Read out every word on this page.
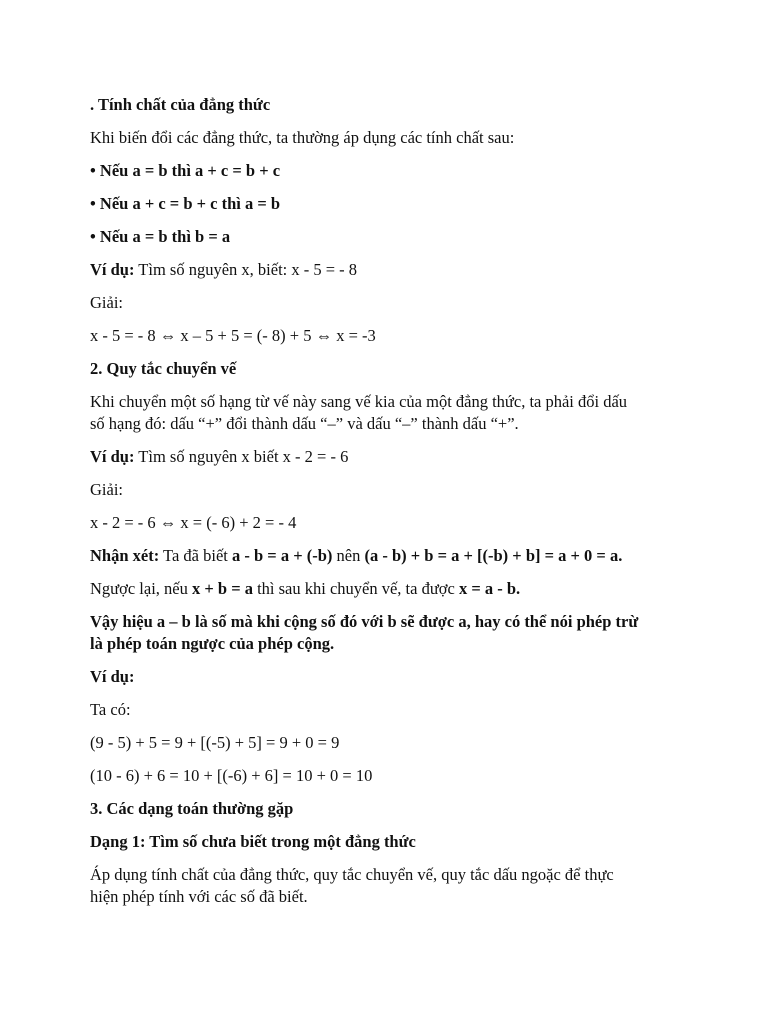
. Tính chất của đẳng thức
Khi biến đổi các đẳng thức, ta thường áp dụng các tính chất sau:
• Nếu a = b thì a + c = b + c
• Nếu a + c = b + c thì a = b
• Nếu a = b thì b = a
Ví dụ: Tìm số nguyên x, biết: x - 5 = - 8
Giải:
x - 5 = - 8 ⇔ x – 5 + 5 = (- 8) + 5 ⇔ x = -3
2. Quy tắc chuyển vế
Khi chuyển một số hạng từ vế này sang vế kia của một đẳng thức, ta phải đổi dấu
số hạng đó: dấu “+” đổi thành dấu “–” và dấu “–” thành dấu “+”.
Ví dụ: Tìm số nguyên x biết x - 2 = - 6
Giải:
x - 2 = - 6 ⇔ x = (- 6) + 2 = - 4
Nhận xét: Ta đã biết a - b = a + (-b) nên (a - b) + b = a + [(-b) + b] = a + 0 = a.
Ngược lại, nếu x + b = a thì sau khi chuyển vế, ta được x = a - b.
Vậy hiệu a – b là số mà khi cộng số đó với b sẽ được a, hay có thể nói phép trừ
là phép toán ngược của phép cộng.
Ví dụ:
Ta có:
(9 - 5) + 5 = 9 + [(-5) + 5] = 9 + 0 = 9
(10 - 6) + 6 = 10 + [(-6) + 6] = 10 + 0 = 10
3. Các dạng toán thường gặp
Dạng 1: Tìm số chưa biết trong một đẳng thức
Áp dụng tính chất của đẳng thức, quy tắc chuyển vế, quy tắc dấu ngoặc để thực
hiện phép tính với các số đã biết.
